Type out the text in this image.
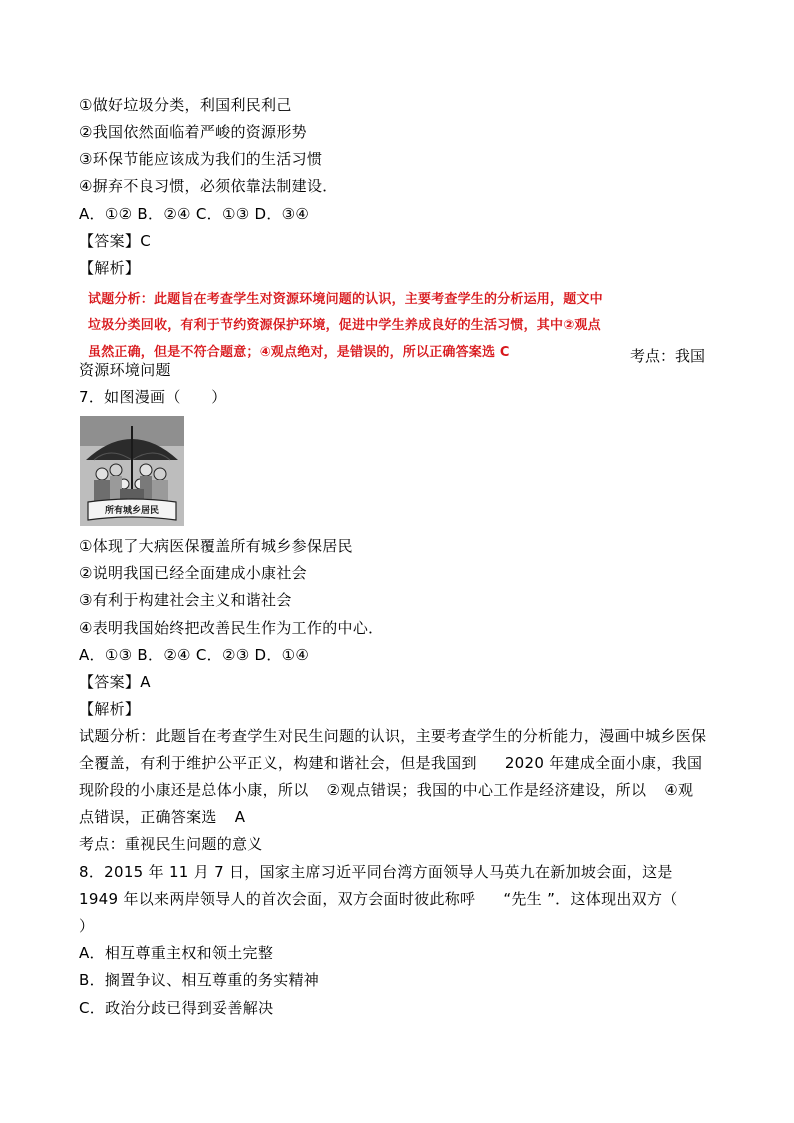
①做好垃圾分类，利国利民利己
②我国依然面临着严峻的资源形势
③环保节能应该成为我们的生活习惯
④摒弃不良习惯，必须依靠法制建设．
A．①② B．②④ C．①③ D．③④
【答案】C
【解析】
试题分析：此题旨在考查学生对资源环境问题的认识，主要考查学生的分析运用，题文中
垃圾分类回收，有利于节约资源保护环境，促进中学生养成良好的生活习惯，其中②观点
虽然正确，但是不符合题意；④观点绝对，是错误的，所以正确答案选 C	考点：我国
资源环境问题
7．如图漫画（　　）
所有城乡居民
①体现了大病医保覆盖所有城乡参保居民
②说明我国已经全面建成小康社会
③有利于构建社会主义和谐社会
④表明我国始终把改善民生作为工作的中心．
A．①③ B．②④ C．②③ D．①④
【答案】A
【解析】
试题分析：此题旨在考查学生对民生问题的认识，主要考查学生的分析能力，漫画中城乡医保
全覆盖，有利于维护公平正义，构建和谐社会，但是我国到 2020 年建成全面小康，我国
现阶段的小康还是总体小康，所以 ②观点错误；我国的中心工作是经济建设，所以 ④观
点错误，正确答案选 A
考点：重视民生问题的意义
8．2015 年 11 月 7 日，国家主席习近平同台湾方面领导人马英九在新加坡会面，这是
1949 年以来两岸领导人的首次会面，双方会面时彼此称呼 “先生 ”．这体现出双方（
）
A．相互尊重主权和领土完整
B．搁置争议、相互尊重的务实精神
C．政治分歧已得到妥善解决
